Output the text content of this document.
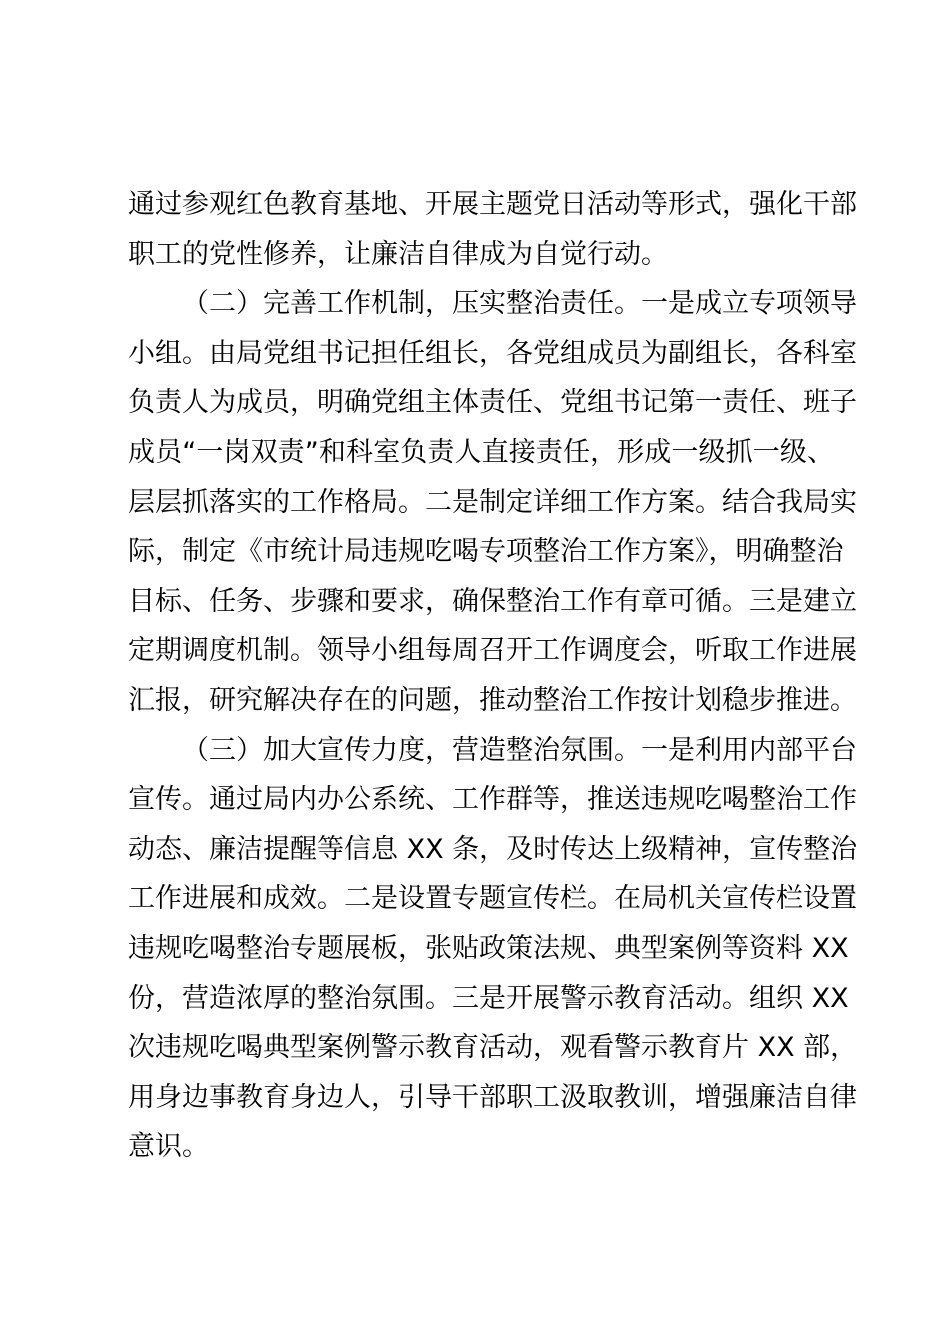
通过参观红色教育基地、开展主题党日活动等形式，强化干部
职工的党性修养，让廉洁自律成为自觉行动。
（二）完善工作机制，压实整治责任。一是成立专项领导
小组。由局党组书记担任组长，各党组成员为副组长，各科室
负责人为成员，明确党组主体责任、党组书记第一责任、班子
成员“一岗双责”和科室负责人直接责任，形成一级抓一级、
层层抓落实的工作格局。二是制定详细工作方案。结合我局实
际，制定《市统计局违规吃喝专项整治工作方案》，明确整治
目标、任务、步骤和要求，确保整治工作有章可循。三是建立
定期调度机制。领导小组每周召开工作调度会，听取工作进展
汇报，研究解决存在的问题，推动整治工作按计划稳步推进。
（三）加大宣传力度，营造整治氛围。一是利用内部平台
宣传。通过局内办公系统、工作群等，推送违规吃喝整治工作
动态、廉洁提醒等信息 XX 条，及时传达上级精神，宣传整治
工作进展和成效。二是设置专题宣传栏。在局机关宣传栏设置
违规吃喝整治专题展板，张贴政策法规、典型案例等资料 XX
份，营造浓厚的整治氛围。三是开展警示教育活动。组织 XX
次违规吃喝典型案例警示教育活动，观看警示教育片 XX 部，
用身边事教育身边人，引导干部职工汲取教训，增强廉洁自律
意识。
